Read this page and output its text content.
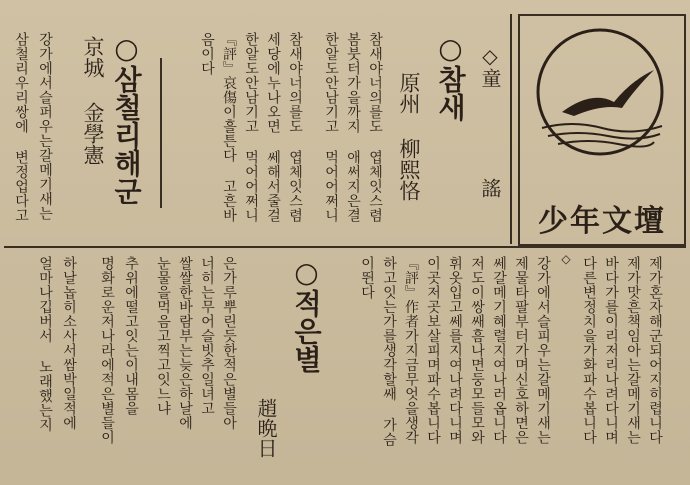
少年文壇
◇童
謠
○참새
原州 柳熙恪
참새야너의를도 엽체잇스렴
봄붓터가을까지 애써지은결
한알도안남기고 먹어어쩌니
참새야너의를도 엽체잇스렴
세당에누나오면 쎄해서줄걸
한알도안남기고 먹어어쩌니
『評』哀傷이흘튼다 고흔바
음이다
○삼철리해군
京城 金學憲
강가에서슬퍼우는갈메기새는
삼철리우리쌍에 변정업다고
제가혼자해군되어지히렵니다
제가맛흔책임아는갈메기새는
바다가를이리저리나려다니며
다른변정치을가화파수봅니다
◇
강가에서슬피우는갈메기새는
제물타팔부터가며신호하면은
쎄갈메기혜렬지여나러옵니다
저도이쌍쌔흠나면둥모들모와
휘옷입고쎄를지여나려다니며
이곳저곳보살피며파수봅니다
『評』作者가지금무엇을생각
하고잇는가를생각할쌔 가슴
이뛴다
○적은별
趙晩日
은가루뿌린듯한적은별들아
너히는무어슬빗추일녀고
쌀쌀한바람부는늦은하날에
눈물을먹음고찍고잇느냐
추위에떨고잇는이내몸을
명화로운저나라에적은별들이
하날놉히소사서쌈박일적에
얼마나깁버서 노래했는지
